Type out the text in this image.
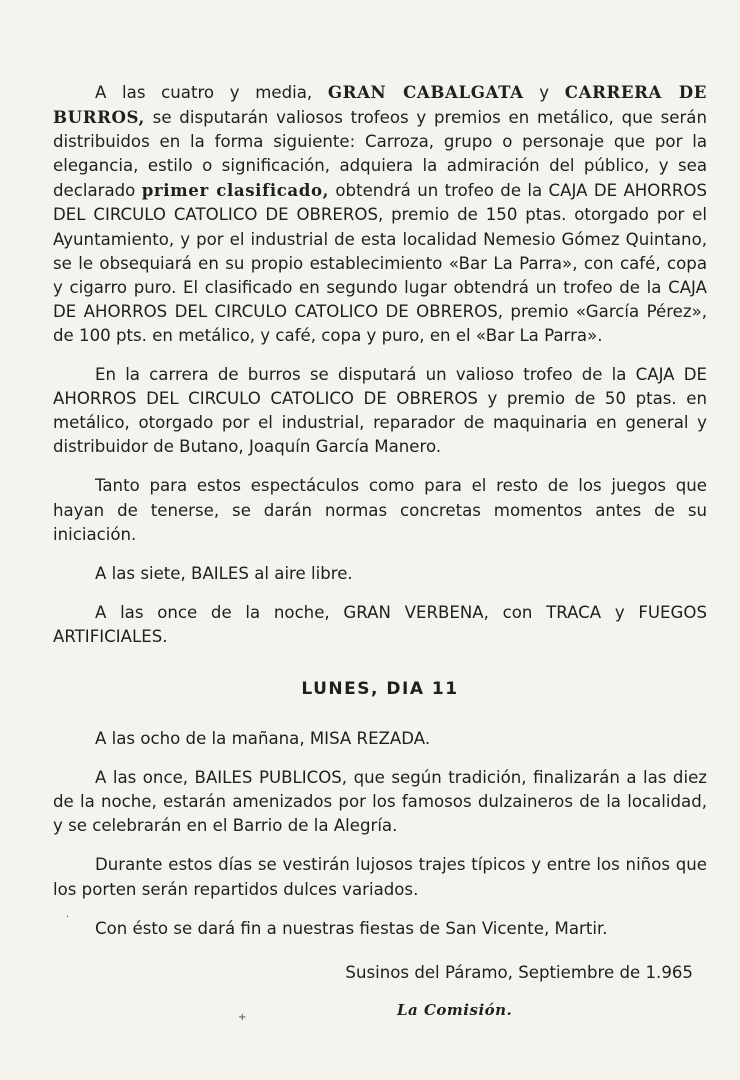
A las cuatro y media, GRAN CABALGATA y CARRERA DE BURROS, se disputarán valiosos trofeos y premios en metálico, que serán distribuidos en la forma siguiente: Carroza, grupo o personaje que por la elegancia, estilo o significación, adquiera la admiración del público, y sea declarado primer clasificado, obtendrá un trofeo de la CAJA DE AHORROS DEL CIRCULO CATOLICO DE OBREROS, premio de 150 ptas. otorgado por el Ayuntamiento, y por el industrial de esta localidad Nemesio Gómez Quintano, se le obsequiará en su propio establecimiento «Bar La Parra», con café, copa y cigarro puro. El clasificado en segundo lugar obtendrá un trofeo de la CAJA DE AHORROS DEL CIRCULO CATOLICO DE OBREROS, premio «García Pérez», de 100 pts. en metálico, y café, copa y puro, en el «Bar La Parra».

En la carrera de burros se disputará un valioso trofeo de la CAJA DE AHORROS DEL CIRCULO CATOLICO DE OBREROS y premio de 50 ptas. en metálico, otorgado por el industrial, reparador de maquinaria en general y distribuidor de Butano, Joaquín García Manero.

Tanto para estos espectáculos como para el resto de los juegos que hayan de tenerse, se darán normas concretas momentos antes de su iniciación.

A las siete, BAILES al aire libre.

A las once de la noche, GRAN VERBENA, con TRACA y FUEGOS ARTIFICIALES.

LUNES, DIA 11

A las ocho de la mañana, MISA REZADA.

A las once, BAILES PUBLICOS, que según tradición, finalizarán a las diez de la noche, estarán amenizados por los famosos dulzaineros de la localidad, y se celebrarán en el Barrio de la Alegría.

Durante estos días se vestirán lujosos trajes típicos y entre los niños que los porten serán repartidos dulces variados.

Con ésto se dará fin a nuestras fiestas de San Vicente, Martir.

Susinos del Páramo, Septiembre de 1.965

La Comisión.
·
+
